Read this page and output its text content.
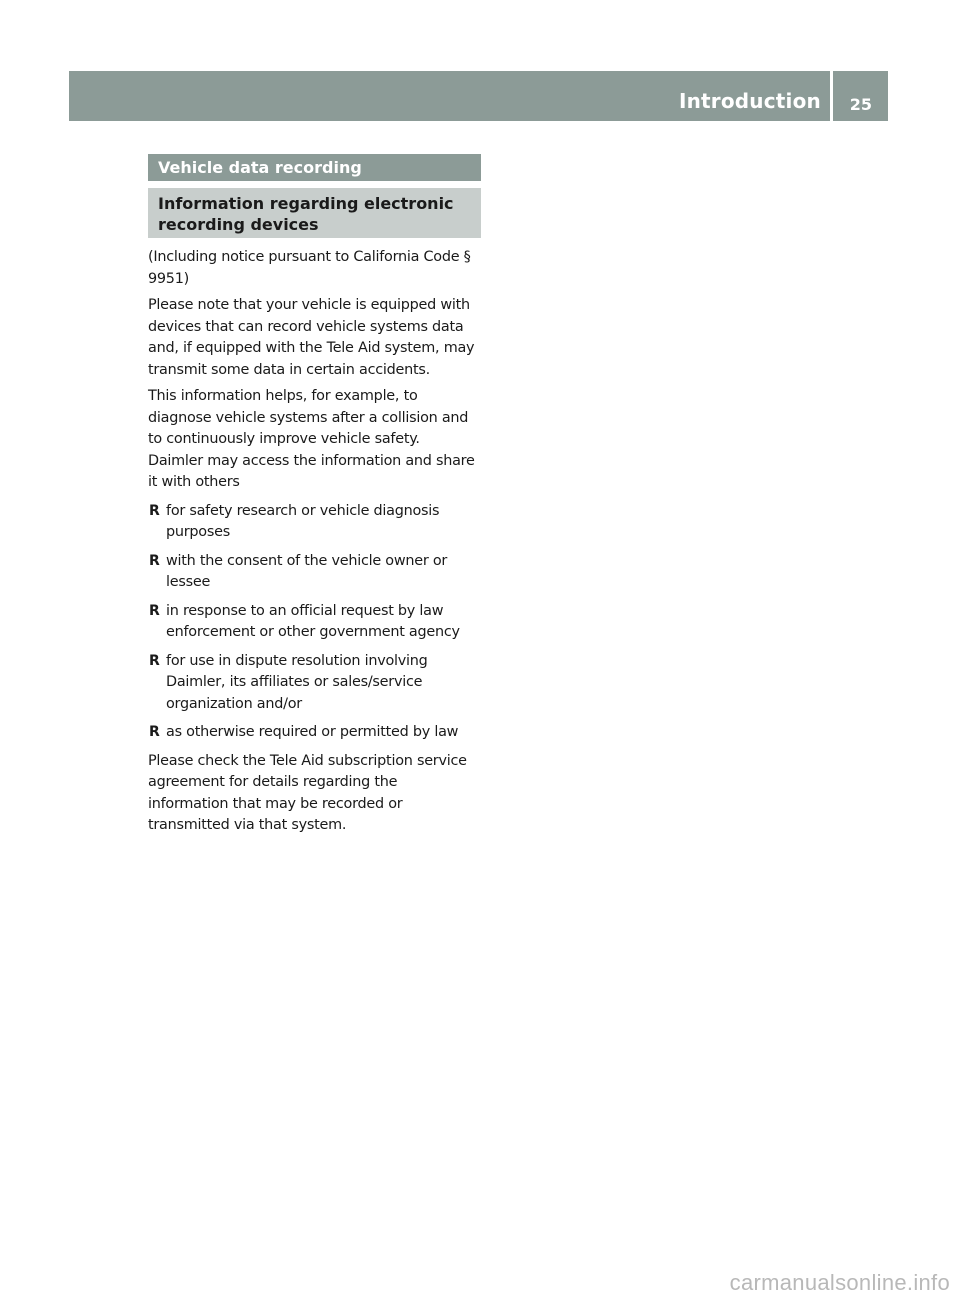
Introduction 25
Vehicle data recording
Information regarding electronic recording devices

(Including notice pursuant to California Code § 9951)

Please note that your vehicle is equipped with devices that can record vehicle systems data and, if equipped with the Tele Aid system, may transmit some data in certain accidents.

This information helps, for example, to diagnose vehicle systems after a collision and to continuously improve vehicle safety.

Daimler may access the information and share it with others

R for safety research or vehicle diagnosis purposes
R with the consent of the vehicle owner or lessee
R in response to an official request by law enforcement or other government agency
R for use in dispute resolution involving Daimler, its affiliates or sales/service organization and/or
R as otherwise required or permitted by law

Please check the Tele Aid subscription service agreement for details regarding the information that may be recorded or transmitted via that system.

carmanualsonline.info
